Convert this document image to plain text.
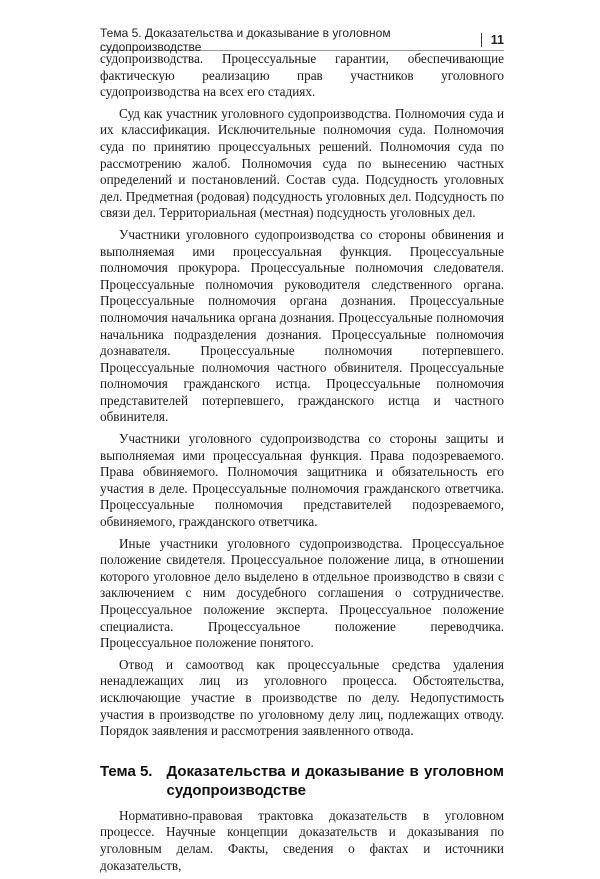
Тема 5. Доказательства и доказывание в уголовном судопроизводстве	11

судопроизводства. Процессуальные гарантии, обеспечивающие фактическую реализацию прав участников уголовного судопроизводства на всех его стадиях.

Суд как участник уголовного судопроизводства. Полномочия суда и их классификация. Исключительные полномочия суда. Полномочия суда по принятию процессуальных решений. Полномочия суда по рассмотрению жалоб. Полномочия суда по вынесению частных определений и постановлений. Состав суда. Подсудность уголовных дел. Предметная (родовая) подсудность уголовных дел. Подсудность по связи дел. Территориальная (местная) подсудность уголовных дел.

Участники уголовного судопроизводства со стороны обвинения и выполняемая ими процессуальная функция. Процессуальные полномочия прокурора. Процессуальные полномочия следователя. Процессуальные полномочия руководителя следственного органа. Процессуальные полномочия органа дознания. Процессуальные полномочия начальника органа дознания. Процессуальные полномочия начальника подразделения дознания. Процессуальные полномочия дознавателя. Процессуальные полномочия потерпевшего. Процессуальные полномочия частного обвинителя. Процессуальные полномочия гражданского истца. Процессуальные полномочия представителей потерпевшего, гражданского истца и частного обвинителя.

Участники уголовного судопроизводства со стороны защиты и выполняемая ими процессуальная функция. Права подозреваемого. Права обвиняемого. Полномочия защитника и обязательность его участия в деле. Процессуальные полномочия гражданского ответчика. Процессуальные полномочия представителей подозреваемого, обвиняемого, гражданского ответчика.

Иные участники уголовного судопроизводства. Процессуальное положение свидетеля. Процессуальное положение лица, в отношении которого уголовное дело выделено в отдельное производство в связи с заключением с ним досудебного соглашения о сотрудничестве. Процессуальное положение эксперта. Процессуальное положение специалиста. Процессуальное положение переводчика. Процессуальное положение понятого.

Отвод и самоотвод как процессуальные средства удаления ненадлежащих лиц из уголовного процесса. Обстоятельства, исключающие участие в производстве по делу. Недопустимость участия в производстве по уголовному делу лиц, подлежащих отводу. Порядок заявления и рассмотрения заявленного отвода.

Тема 5. Доказательства и доказывание в уголовном судопроизводстве

Нормативно-правовая трактовка доказательств в уголовном процессе. Научные концепции доказательств и доказывания по уголовным делам. Факты, сведения о фактах и источники доказательств,
